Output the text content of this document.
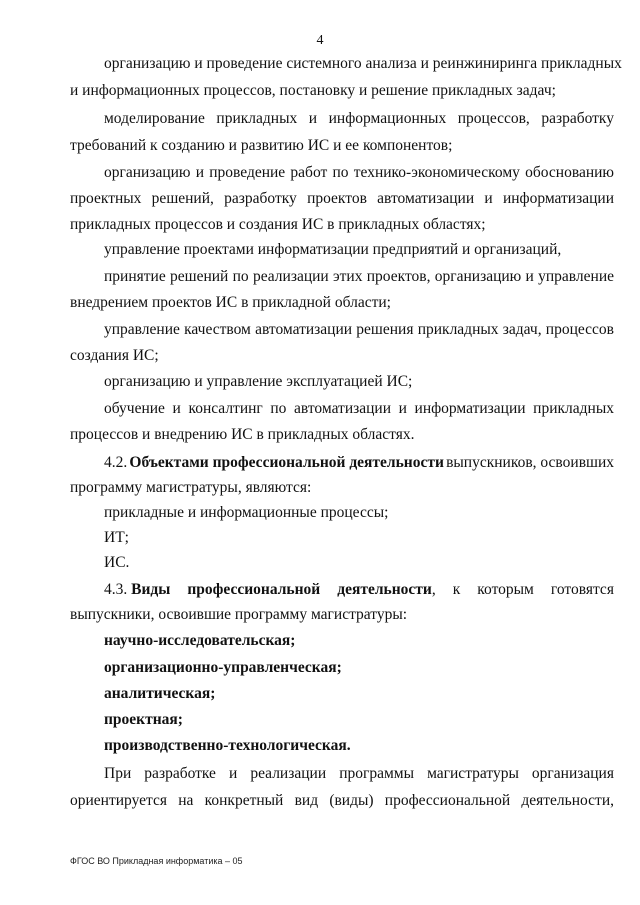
4
организацию и проведение системного анализа и реинжиниринга прикладных
и информационных процессов, постановку и решение прикладных задач;
моделирование прикладных и информационных процессов, разработку
требований к созданию и развитию ИС и ее компонентов;
организацию и проведение работ по технико-экономическому обоснованию
проектных решений, разработку проектов автоматизации и информатизации
прикладных процессов и создания ИС в прикладных областях;
управление проектами информатизации предприятий и организаций,
принятие решений по реализации этих проектов, организацию и управление
внедрением проектов ИС в прикладной области;
управление качеством автоматизации решения прикладных задач, процессов
создания ИС;
организацию и управление эксплуатацией ИС;
обучение и консалтинг по автоматизации и информатизации прикладных
процессов и внедрению ИС в прикладных областях.
4.2. Объектами профессиональной деятельности выпускников, освоивших
программу магистратуры, являются:
прикладные и информационные процессы;
ИТ;
ИС.
4.3. Виды профессиональной деятельности, к которым готовятся
выпускники, освоившие программу магистратуры:
научно-исследовательская;
организационно-управленческая;
аналитическая;
проектная;
производственно-технологическая.
При разработке и реализации программы магистратуры организация
ориентируется на конкретный вид (виды) профессиональной деятельности,
ФГОС ВО Прикладная информатика – 05
